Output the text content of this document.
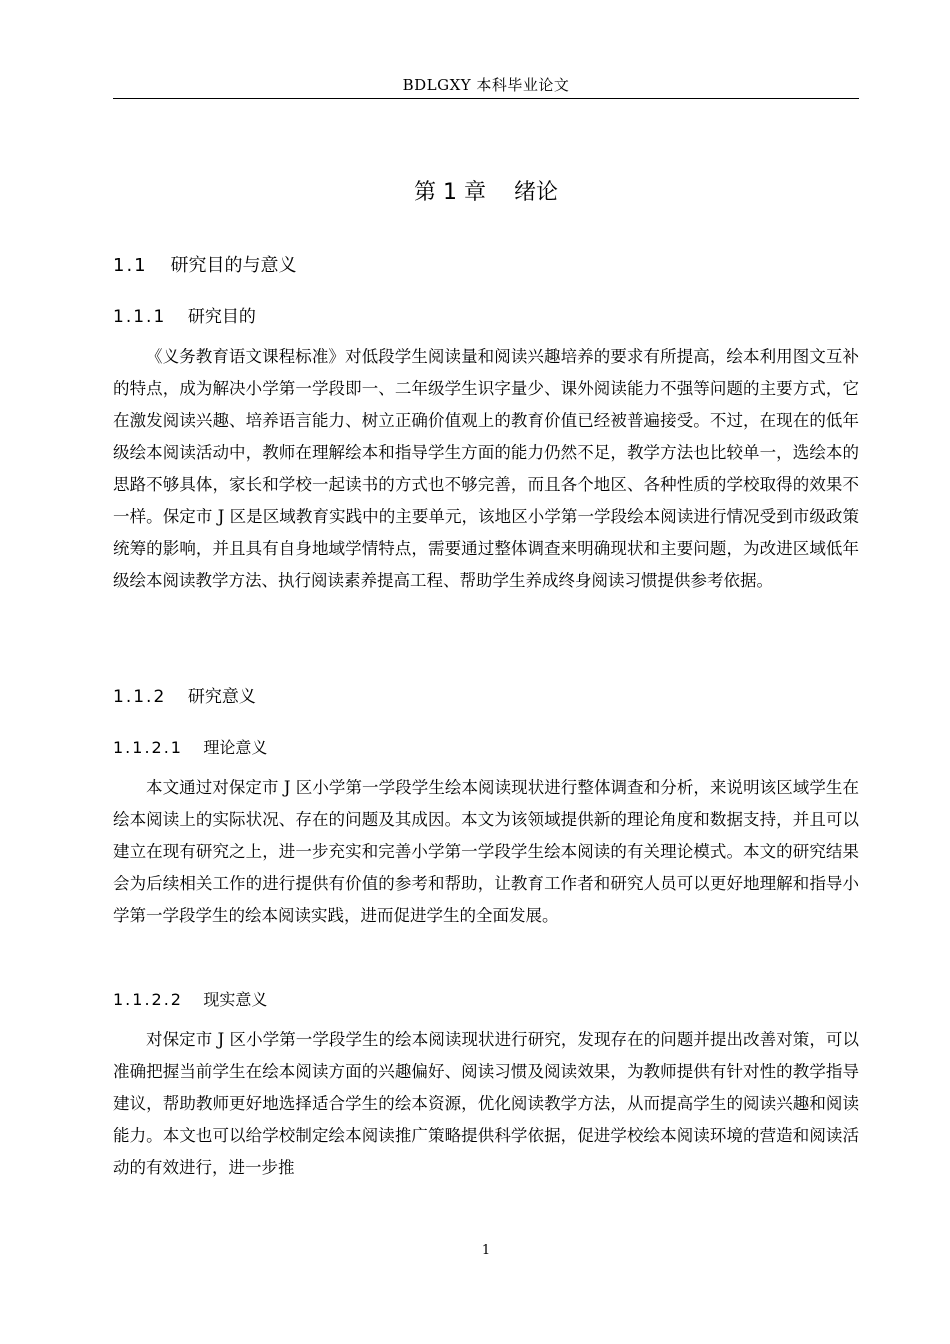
BDLGXY 本科毕业论文
第 1 章    绪论
1.1 研究目的与意义
1.1.1 研究目的

《义务教育语文课程标准》对低段学生阅读量和阅读兴趣培养的要求有所提高，绘本利用图文互补的特点，成为解决小学第一学段即一、二年级学生识字量少、课外阅读能力不强等问题的主要方式，它在激发阅读兴趣、培养语言能力、树立正确价值观上的教育价值已经被普遍接受。不过，在现在的低年级绘本阅读活动中，教师在理解绘本和指导学生方面的能力仍然不足，教学方法也比较单一，选绘本的思路不够具体，家长和学校一起读书的方式也不够完善，而且各个地区、各种性质的学校取得的效果不一样。保定市 J 区是区域教育实践中的主要单元，该地区小学第一学段绘本阅读进行情况受到市级政策统筹的影响，并且具有自身地域学情特点，需要通过整体调查来明确现状和主要问题，为改进区域低年级绘本阅读教学方法、执行阅读素养提高工程、帮助学生养成终身阅读习惯提供参考依据。

1.1.2 研究意义
1.1.2.1 理论意义

本文通过对保定市 J 区小学第一学段学生绘本阅读现状进行整体调查和分析，来说明该区域学生在绘本阅读上的实际状况、存在的问题及其成因。本文为该领域提供新的理论角度和数据支持，并且可以建立在现有研究之上，进一步充实和完善小学第一学段学生绘本阅读的有关理论模式。本文的研究结果会为后续相关工作的进行提供有价值的参考和帮助，让教育工作者和研究人员可以更好地理解和指导小学第一学段学生的绘本阅读实践，进而促进学生的全面发展。

1.1.2.2 现实意义

对保定市 J 区小学第一学段学生的绘本阅读现状进行研究，发现存在的问题并提出改善对策，可以准确把握当前学生在绘本阅读方面的兴趣偏好、阅读习惯及阅读效果，为教师提供有针对性的教学指导建议，帮助教师更好地选择适合学生的绘本资源，优化阅读教学方法，从而提高学生的阅读兴趣和阅读能力。本文也可以给学校制定绘本阅读推广策略提供科学依据，促进学校绘本阅读环境的营造和阅读活动的有效进行，进一步推

1
